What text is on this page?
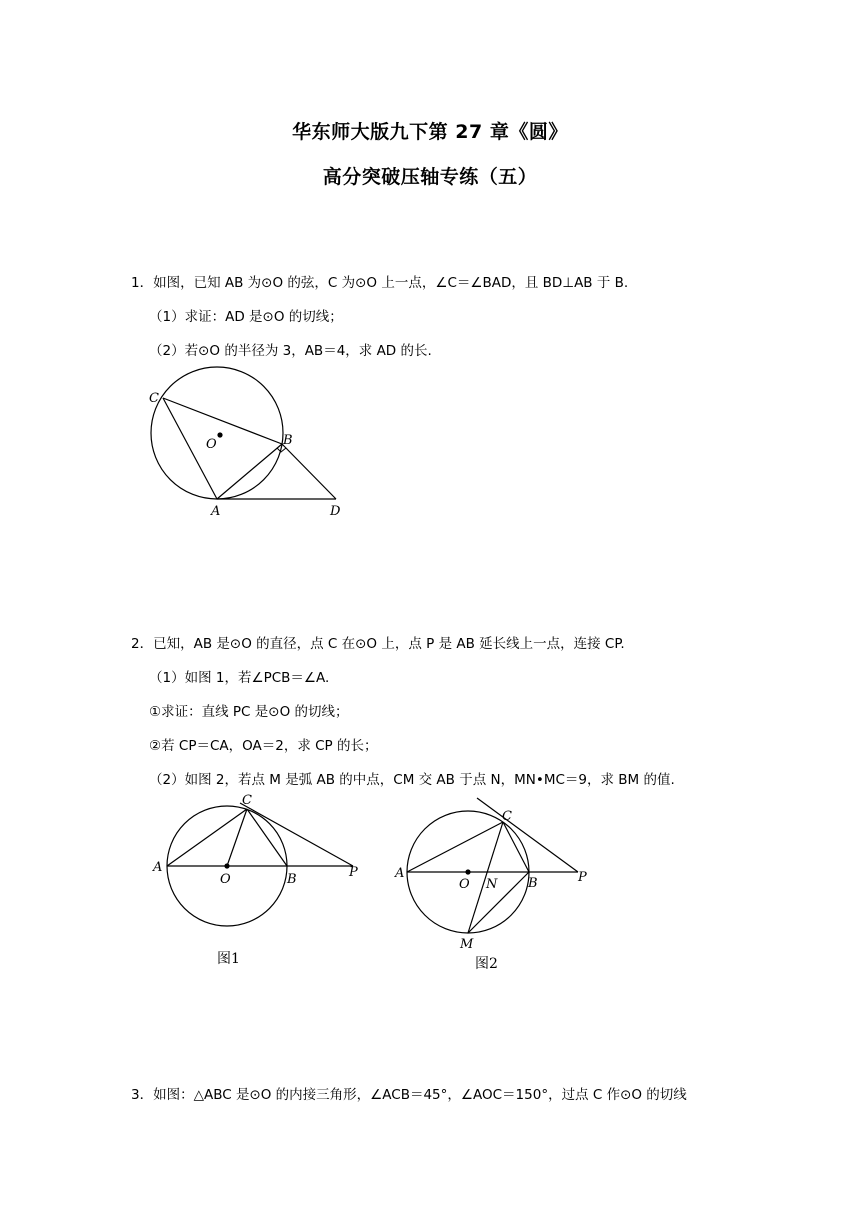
华东师大版九下第 27 章《圆》
高分突破压轴专练（五）
1．如图，已知 AB 为⊙O 的弦，C 为⊙O 上一点，∠C＝∠BAD，且 BD⊥AB 于 B.
（1）求证：AD 是⊙O 的切线；
（2）若⊙O 的半径为 3，AB＝4，求 AD 的长.
C
O	B
A	D
2．已知，AB 是⊙O 的直径，点 C 在⊙O 上，点 P 是 AB 延长线上一点，连接 CP.
（1）如图 1，若∠PCB＝∠A.
①求证：直线 PC 是⊙O 的切线；
②若 CP＝CA，OA＝2，求 CP 的长；
（2）如图 2，若点 M 是弧 AB 的中点，CM 交 AB 于点 N，MN•MC＝9，求 BM 的值.
A
C
O	B	P
图1
A
C
O N B	P
M
图2
3．如图：△ABC 是⊙O 的内接三角形，∠ACB＝45°，∠AOC＝150°，过点 C 作⊙O 的切线
